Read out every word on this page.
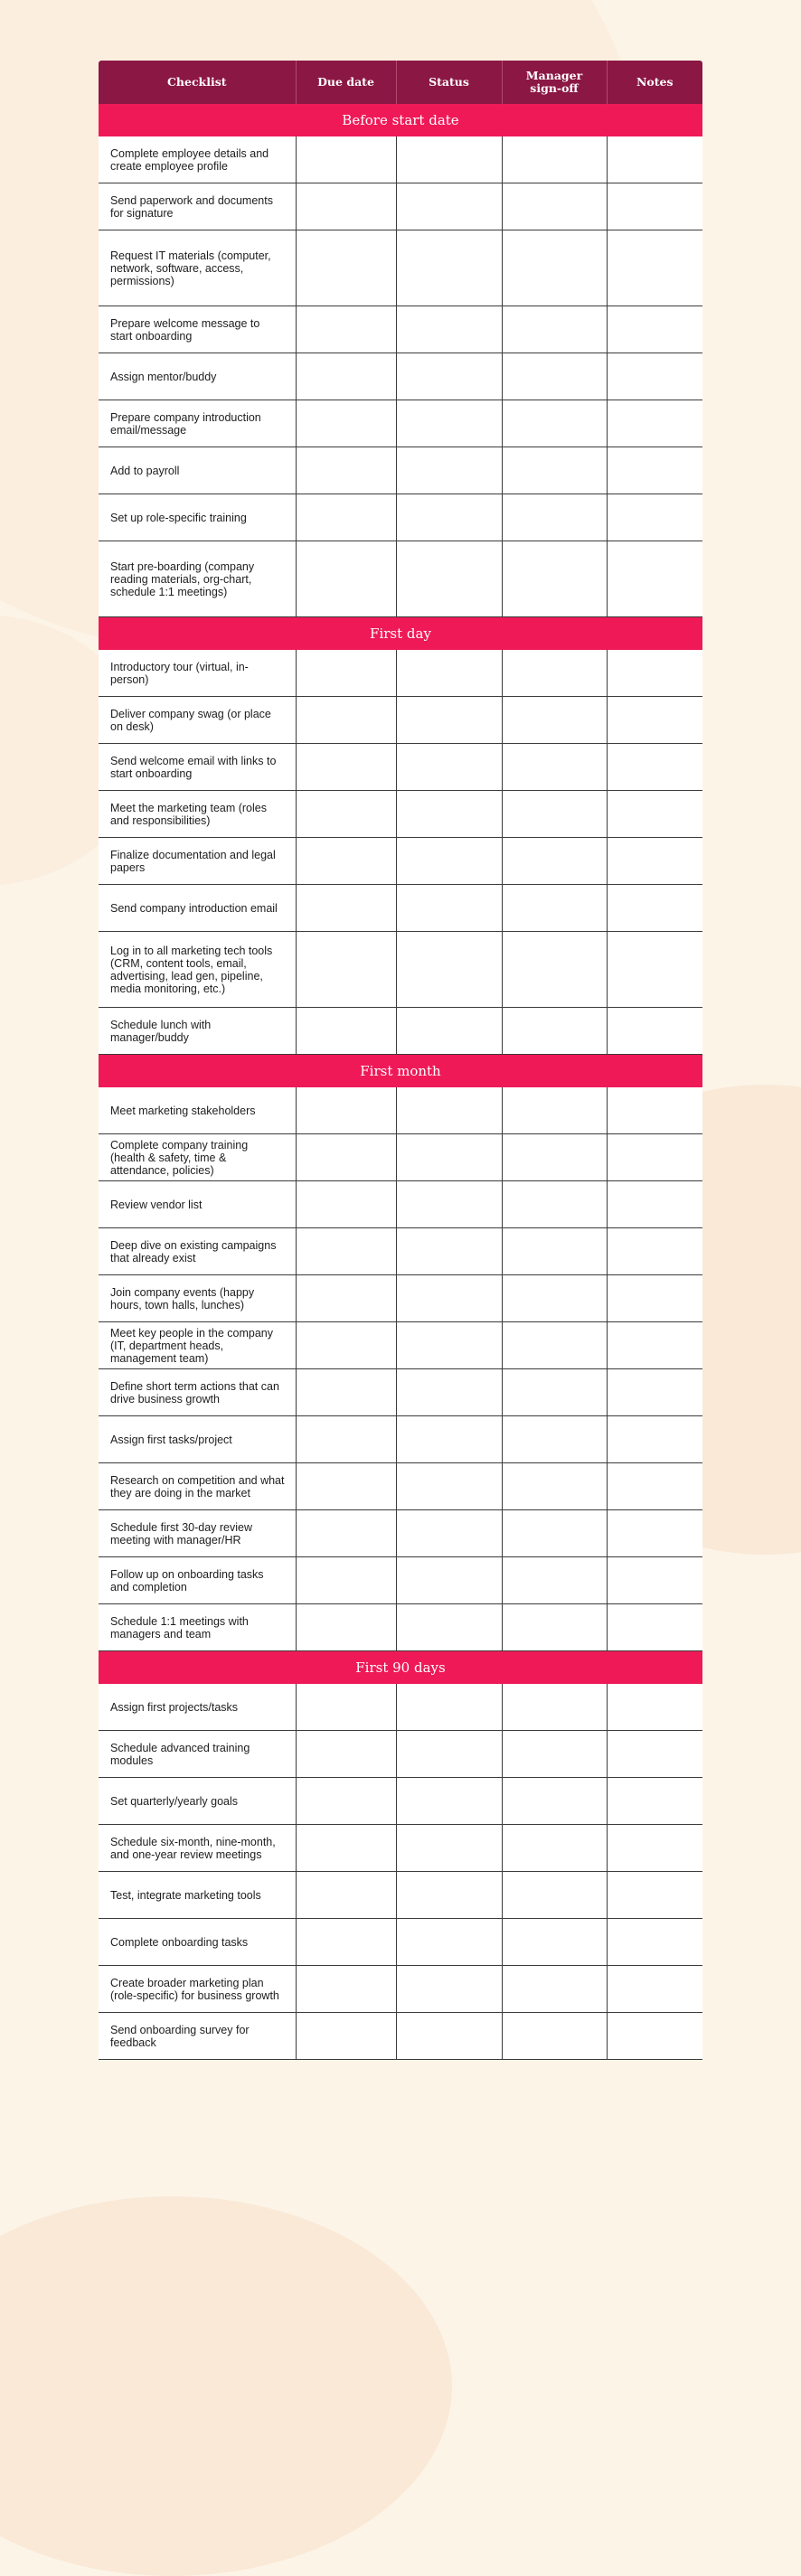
Checklist	Due date	Status	Manager sign-off	Notes
Before start date				
Complete employee details and create employee profile				
Send paperwork and documents for signature				
Request IT materials (computer, network, software, access, permissions)				
Prepare welcome message to start onboarding				
Assign mentor/buddy				
Prepare company introduction email/message				
Add to payroll				
Set up role-specific training				
Start pre-boarding (company reading materials, org-chart, schedule 1:1 meetings)				
First day				
Introductory tour (virtual, in-person)				
Deliver company swag (or place on desk)				
Send welcome email with links to start onboarding				
Meet the marketing team (roles and responsibilities)				
Finalize documentation and legal papers				
Send company introduction email				
Log in to all marketing tech tools (CRM, content tools, email, advertising, lead gen, pipeline, media monitoring, etc.)				
Schedule lunch with manager/buddy				
First month				
Meet marketing stakeholders				
Complete company training (health & safety, time & attendance, policies)				
Review vendor list				
Deep dive on existing campaigns that already exist				
Join company events (happy hours, town halls, lunches)				
Meet key people in the company (IT, department heads, management team)				
Define short term actions that can drive business growth				
Assign first tasks/project				
Research on competition and what they are doing in the market				
Schedule first 30-day review meeting with manager/HR				
Follow up on onboarding tasks and completion				
Schedule 1:1 meetings with managers and team				
First 90 days				
Assign first projects/tasks				
Schedule advanced training modules				
Set quarterly/yearly goals				
Schedule six-month, nine-month, and one-year review meetings				
Test, integrate marketing tools				
Complete onboarding tasks				
Create broader marketing plan (role-specific) for business growth				
Send onboarding survey for feedback				
